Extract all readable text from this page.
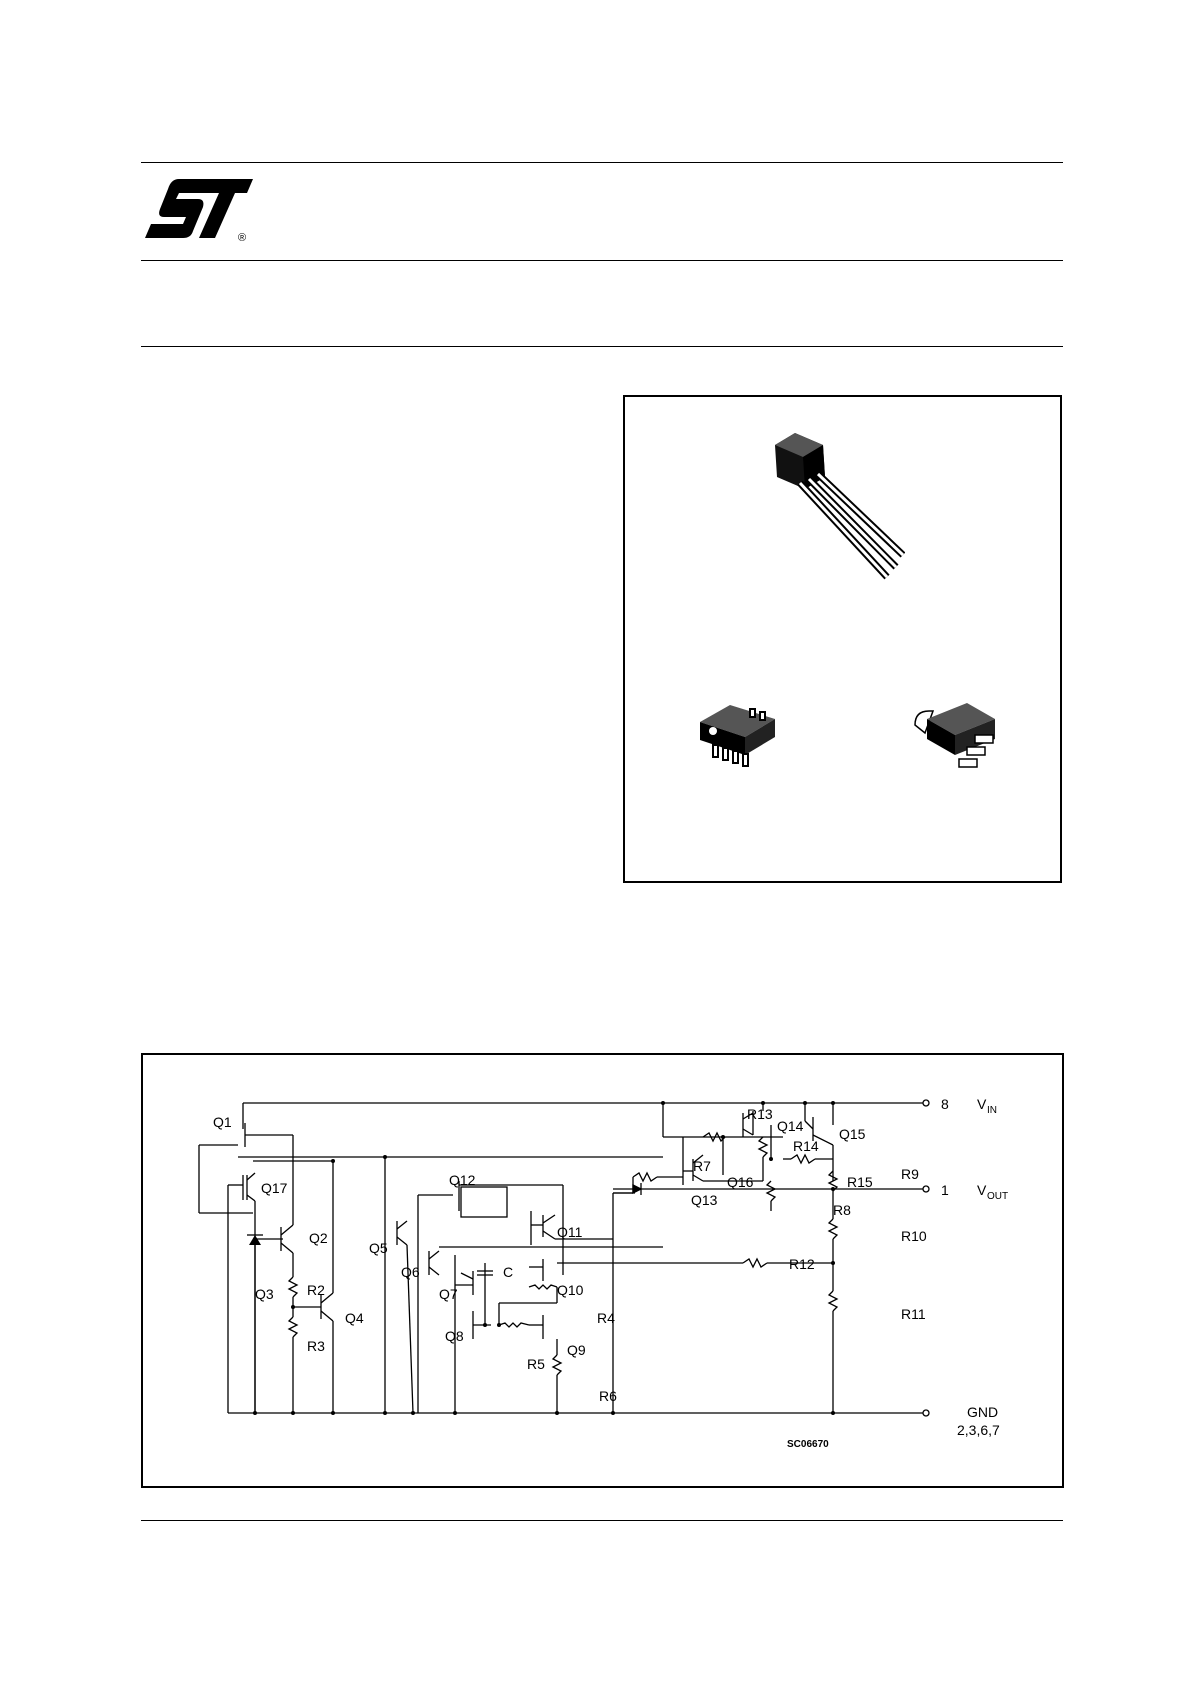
®
Q1
Q2
Q3
Q4
Q5
Q6
Q7
Q8
Q9
Q10
Q11
Q12
Q13
Q14	Q15
Q16
Q17
R2
R3
R4
R5
R6
R7
R8
R9
R10
R11
R12
R13
R14
R15
C
8 V IN
1 V OUT
GND
2,3,6,7
SC06670
